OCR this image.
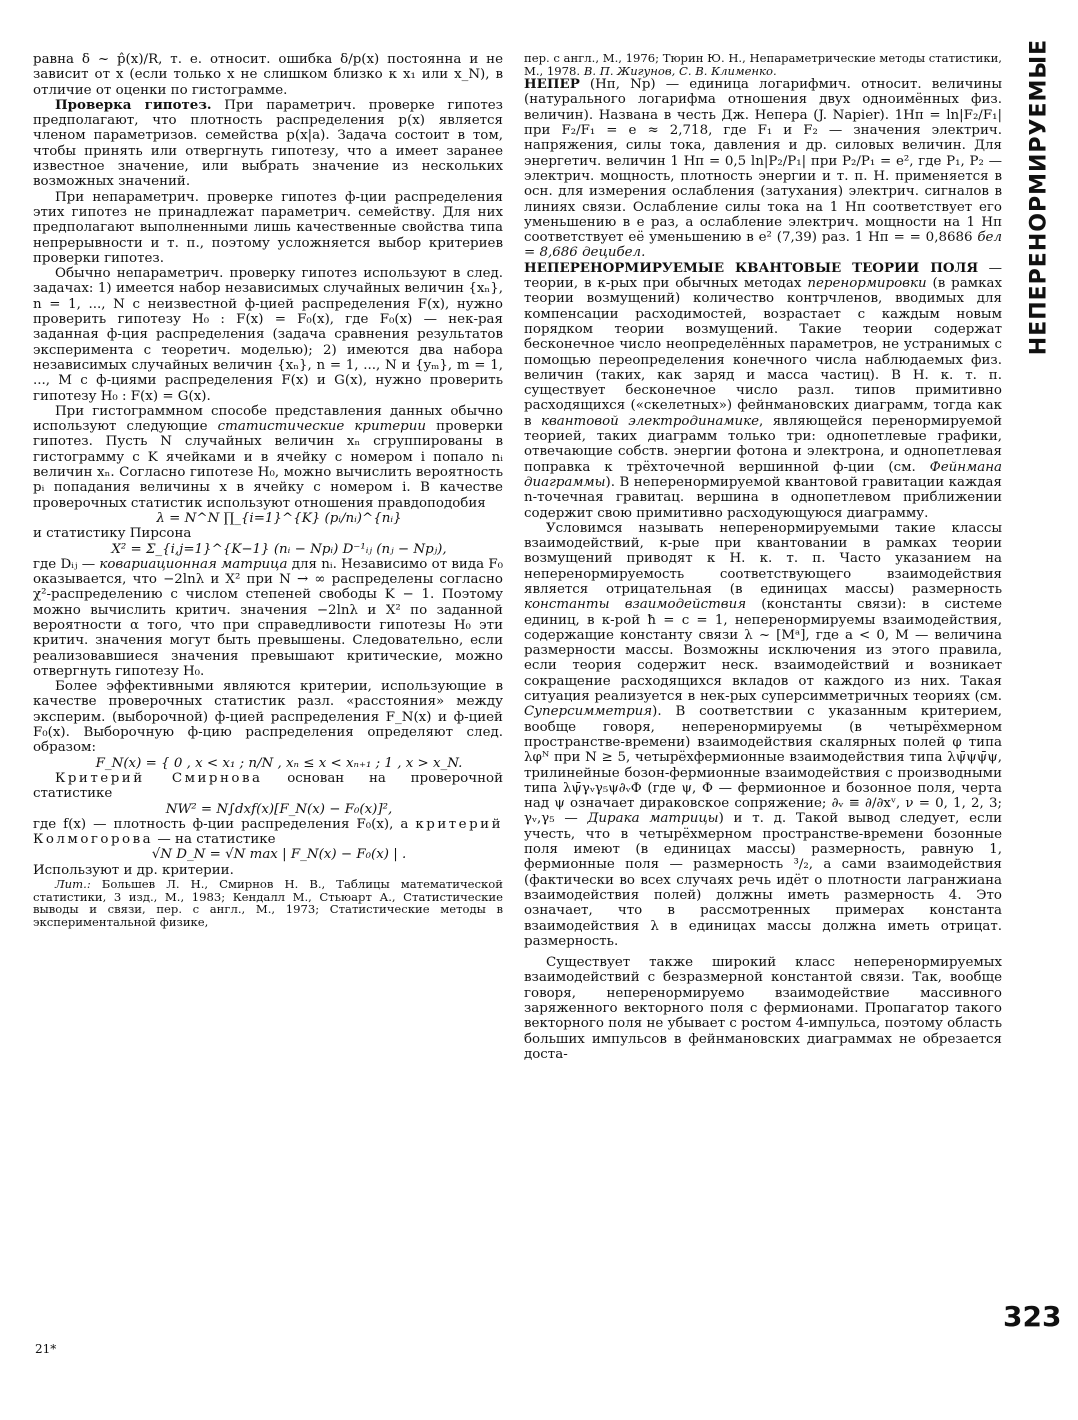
равна δ ~ p̂(x)/R, т. е. относит. ошибка δ/p(x) постоянна и не зависит от x (если только x не слишком близко к x₁ или x_N), в отличие от оценки по гистограмме.

Проверка гипотез. При параметрич. проверке гипотез предполагают, что плотность распределения p(x) является членом параметризов. семейства p(x|a). Задача состоит в том, чтобы принять или отвергнуть гипотезу, что a имеет заранее известное значение, или выбрать значение из нескольких возможных значений.

При непараметрич. проверке гипотез ф-ции распределения этих гипотез не принадлежат параметрич. семейству. Для них предполагают выполненными лишь качественные свойства типа непрерывности и т. п., поэтому усложняется выбор критериев проверки гипотез.

Обычно непараметрич. проверку гипотез используют в след. задачах: 1) имеется набор независимых случайных величин {xₙ}, n = 1, ..., N с неизвестной ф-цией распределения F(x), нужно проверить гипотезу H₀ : F(x) = F₀(x), где F₀(x) — нек-рая заданная ф-ция распределения (задача сравнения результатов эксперимента с теоретич. моделью); 2) имеются два набора независимых случайных величин {xₙ}, n = 1, ..., N и {yₘ}, m = 1, ..., M с ф-циями распределения F(x) и G(x), нужно проверить гипотезу H₀ : F(x) = G(x).

При гистограммном способе представления данных обычно используют следующие статистические критерии проверки гипотез. Пусть N случайных величин xₙ сгруппированы в гистограмму с K ячейками и в ячейку с номером i попало nᵢ величин xₙ. Согласно гипотезе H₀, можно вычислить вероятность pᵢ попадания величины x в ячейку с номером i. В качестве проверочных статистик используют отношения правдоподобия

λ = N^N ∏_{i=1}^{K} (pᵢ/nᵢ)^{nᵢ}

и статистику Пирсона

X² = Σ_{i,j=1}^{K−1} (nᵢ − Npᵢ) D⁻¹ᵢⱼ (nⱼ − Npⱼ),

где Dᵢⱼ — ковариационная матрица для nᵢ. Независимо от вида F₀ оказывается, что −2lnλ и X² при N → ∞ распределены согласно χ²-распределению с числом степеней свободы K − 1. Поэтому можно вычислить критич. значения −2lnλ и X² по заданной вероятности α того, что при справедливости гипотезы H₀ эти критич. значения могут быть превышены. Следовательно, если реализовавшиеся значения превышают критические, можно отвергнуть гипотезу H₀.

Более эффективными являются критерии, использующие в качестве проверочных статистик разл. «расстояния» между эксперим. (выборочной) ф-цией распределения F_N(x) и ф-цией F₀(x). Выборочную ф-цию распределения определяют след. образом:

F_N(x) = { 0 , x < x₁ ; n/N , xₙ ≤ x < xₙ₊₁ ; 1 , x > x_N.

Критерий Смирнова основан на проверочной статистике

NW² = N∫dxf(x)[F_N(x) − F₀(x)]²,

где f(x) — плотность ф-ции распределения F₀(x), а критерий Колмогорова — на статистике

√N D_N = √N max | F_N(x) − F₀(x) | .

Используют и др. критерии.

Лит.: Большев Л. Н., Смирнов Н. В., Таблицы математической статистики, 3 изд., М., 1983; Кендалл М., Стьюарт А., Статистические выводы и связи, пер. с англ., М., 1973; Статистические методы в экспериментальной физике,

пер. с англ., М., 1976; Тюрин Ю. Н., Непараметрические методы статистики, М., 1978. В. П. Жигунов, С. В. Клименко.

НЕПЕР (Нп, Np) — единица логарифмич. относит. величины (натурального логарифма отношения двух одноимённых физ. величин). Названа в честь Дж. Непера (J. Napier). 1Нп = ln|F₂/F₁| при F₂/F₁ = e ≈ 2,718, где F₁ и F₂ — значения электрич. напряжения, силы тока, давления и др. силовых величин. Для энергетич. величин 1 Нп = 0,5 ln|P₂/P₁| при P₂/P₁ = e², где P₁, P₂ — электрич. мощность, плотность энергии и т. п. Н. применяется в осн. для измерения ослабления (затухания) электрич. сигналов в линиях связи. Ослабление силы тока на 1 Нп соответствует его уменьшению в e раз, а ослабление электрич. мощности на 1 Нп соответствует её уменьшению в e² (7,39) раз. 1 Нп = = 0,8686 бел = 8,686 децибел.

НЕПЕРЕНОРМИРУЕМЫЕ КВАНТОВЫЕ ТЕОРИИ ПОЛЯ — теории, в к-рых при обычных методах перенормировки (в рамках теории возмущений) количество контрчленов, вводимых для компенсации расходимостей, возрастает с каждым новым порядком теории возмущений. Такие теории содержат бесконечное число неопределённых параметров, не устранимых с помощью переопределения конечного числа наблюдаемых физ. величин (таких, как заряд и масса частиц). В Н. к. т. п. существует бесконечное число разл. типов примитивно расходящихся («скелетных») фейнмановских диаграмм, тогда как в квантовой электродинамике, являющейся перенормируемой теорией, таких диаграмм только три: однопетлевые графики, отвечающие собств. энергии фотона и электрона, и однопетлевая поправка к трёхточечной вершинной ф-ции (см. Фейнмана диаграммы). В неперенормируемой квантовой гравитации каждая n-точечная гравитац. вершина в однопетлевом приближении содержит свою примитивно расходующуюся диаграмму.

Условимся называть неперенормируемыми такие классы взаимодействий, к-рые при квантовании в рамках теории возмущений приводят к Н. к. т. п. Часто указанием на неперенормируемость соответствующего взаимодействия является отрицательная (в единицах массы) размерность константы взаимодействия (константы связи): в системе единиц, в к-рой ħ = c = 1, неперенормируемы взаимодействия, содержащие константу связи λ ~ [Mᵃ], где a < 0, M — величина размерности массы. Возможны исключения из этого правила, если теория содержит неск. взаимодействий и возникает сокращение расходящихся вкладов от каждого из них. Такая ситуация реализуется в нек-рых суперсимметричных теориях (см. Суперсимметрия). В соответствии с указанным критерием, вообще говоря, неперенормируемы (в четырёхмерном пространстве-времени) взаимодействия скалярных полей φ типа λφᴺ при N ≥ 5, четырёхфермионные взаимодействия типа λψ̄ψψ̄ψ, трилинейные бозон-фермионные взаимодействия с производными типа λψ̄γᵥγ₅ψ∂ᵥΦ (где ψ, Φ — фермионное и бозонное поля, черта над ψ означает дираковское сопряжение; ∂ᵥ ≡ ∂/∂xᵛ, ν = 0, 1, 2, 3; γᵥ,γ₅ — Дирака матрицы) и т. д. Такой вывод следует, если учесть, что в четырёхмерном пространстве-времени бозонные поля имеют (в единицах массы) размерность, равную 1, фермионные поля — размерность ³/₂, а сами взаимодействия (фактически во всех случаях речь идёт о плотности лагранжиана взаимодействия полей) должны иметь размерность 4. Это означает, что в рассмотренных примерах константа взаимодействия λ в единицах массы должна иметь отрицат. размерность.

Существует также широкий класс неперенормируемых взаимодействий с безразмерной константой связи. Так, вообще говоря, неперенормируемо взаимодействие массивного заряженного векторного поля с фермионами. Пропагатор такого векторного поля не убывает с ростом 4-импульса, поэтому область больших импульсов в фейнмановских диаграммах не обрезается доста-

НЕПЕРЕНОРМИРУЕМЫЕ
323
21*
